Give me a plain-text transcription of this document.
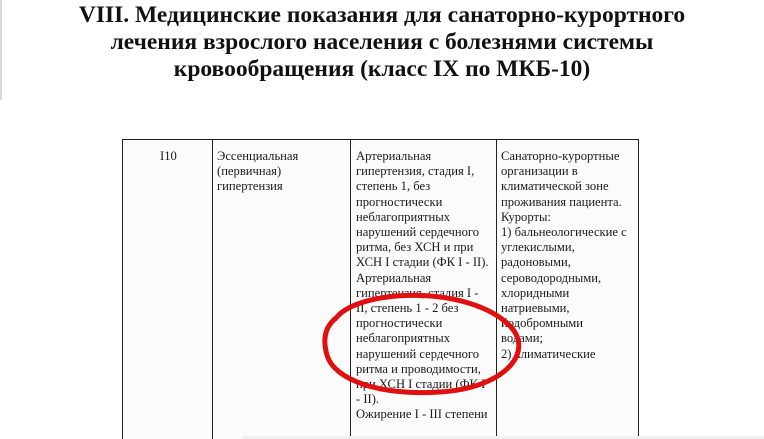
VIII. Медицинские показания для санаторно-курортного
лечения взрослого населения с болезнями системы
кровообращения (класс IX по МКБ-10)
I10	Эссенциальная
(первичная)
гипертензия
Артериальная
гипертензия, стадия I,
степень 1, без
прогностически
неблагоприятных
нарушений сердечного
ритма, без ХСН и при
ХСН I стадии (ФК I - II).
Артериальная
гипертензия, стадия I -
II, степень 1 - 2 без
прогностически
неблагоприятных
нарушений сердечного
ритма и проводимости,
при ХСН I стадии (ФК I
- II).
Ожирение I - III степени
Санаторно-курортные
организации в
климатической зоне
проживания пациента.
Курорты:
1) бальнеологические с
углекислыми,
радоновыми,
сероводородными,
хлоридными
натриевыми,
йодобромными
водами;
2) климатические
